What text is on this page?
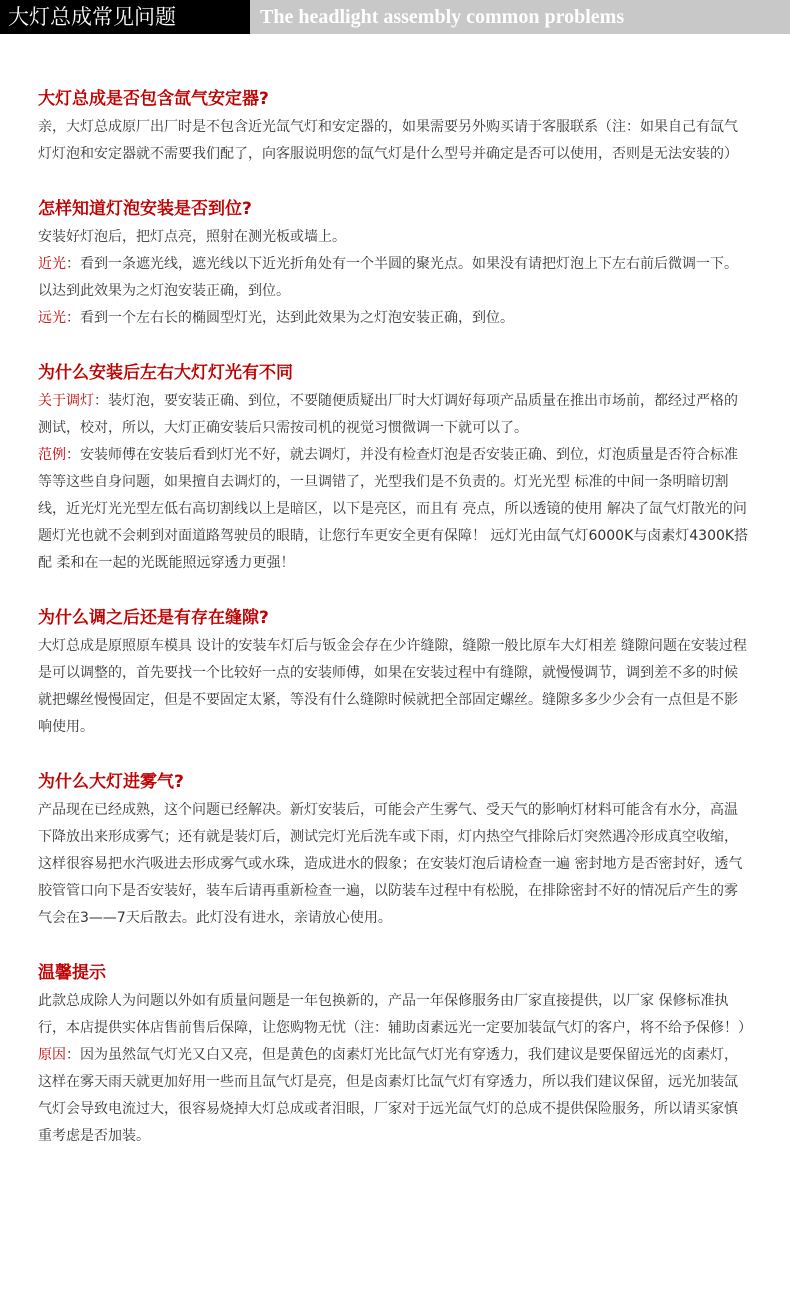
大灯总成常见问题	The headlight assembly common problems
大灯总成是否包含氙气安定器?

亲，大灯总成原厂出厂时是不包含近光氙气灯和安定器的，如果需要另外购买请于客服联系（注：如果自己有氙气灯灯泡和安定器就不需要我们配了，向客服说明您的氙气灯是什么型号并确定是否可以使用，否则是无法安装的）

怎样知道灯泡安装是否到位?

安装好灯泡后，把灯点亮，照射在测光板或墙上。

近光：看到一条遮光线，遮光线以下近光折角处有一个半圆的聚光点。如果没有请把灯泡上下左右前后微调一下。以达到此效果为之灯泡安装正确，到位。

远光：看到一个左右长的椭圆型灯光，达到此效果为之灯泡安装正确，到位。

为什么安装后左右大灯灯光有不同

关于调灯：装灯泡，要安装正确、到位，不要随便质疑出厂时大灯调好每项产品质量在推出市场前，都经过严格的测试，校对，所以，大灯正确安装后只需按司机的视觉习惯微调一下就可以了。

范例：安装师傅在安装后看到灯光不好，就去调灯，并没有检查灯泡是否安装正确、到位，灯泡质量是否符合标准等等这些自身问题，如果擅自去调灯的，一旦调错了，光型我们是不负责的。灯光光型 标准的中间一条明暗切割线，近光灯光光型左低右高切割线以上是暗区，以下是亮区，而且有 亮点，所以透镜的使用 解决了氙气灯散光的问题灯光也就不会刺到对面道路驾驶员的眼睛，让您行车更安全更有保障！ 远灯光由氙气灯6000K与卤素灯4300K搭配 柔和在一起的光既能照远穿透力更强！

为什么调之后还是有存在缝隙?

大灯总成是原照原车模具 设计的安装车灯后与钣金会存在少许缝隙，缝隙一般比原车大灯相差 缝隙问题在安装过程是可以调整的，首先要找一个比较好一点的安装师傅，如果在安装过程中有缝隙，就慢慢调节，调到差不多的时候就把螺丝慢慢固定，但是不要固定太紧，等没有什么缝隙时候就把全部固定螺丝。缝隙多多少少会有一点但是不影响使用。

为什么大灯进雾气?

产品现在已经成熟，这个问题已经解决。新灯安装后，可能会产生雾气、受天气的影响灯材料可能含有水分，高温下降放出来形成雾气；还有就是装灯后，测试完灯光后洗车或下雨，灯内热空气排除后灯突然遇冷形成真空收缩，这样很容易把水汽吸进去形成雾气或水珠，造成进水的假象；在安装灯泡后请检查一遍 密封地方是否密封好，透气胶管管口向下是否安装好，装车后请再重新检查一遍，以防装车过程中有松脱，在排除密封不好的情况后产生的雾气会在3——7天后散去。此灯没有进水，亲请放心使用。

温馨提示

此款总成除人为问题以外如有质量问题是一年包换新的，产品一年保修服务由厂家直接提供，以厂家 保修标准执行，本店提供实体店售前售后保障，让您购物无忧（注：辅助卤素远光一定要加装氙气灯的客户，将不给予保修！）

原因：因为虽然氙气灯光又白又亮，但是黄色的卤素灯光比氙气灯光有穿透力，我们建议是要保留远光的卤素灯，这样在雾天雨天就更加好用一些而且氙气灯是亮，但是卤素灯比氙气灯有穿透力，所以我们建议保留，远光加装氙气灯会导致电流过大，很容易烧掉大灯总成或者泪眼，厂家对于远光氙气灯的总成不提供保险服务，所以请买家慎重考虑是否加装。
